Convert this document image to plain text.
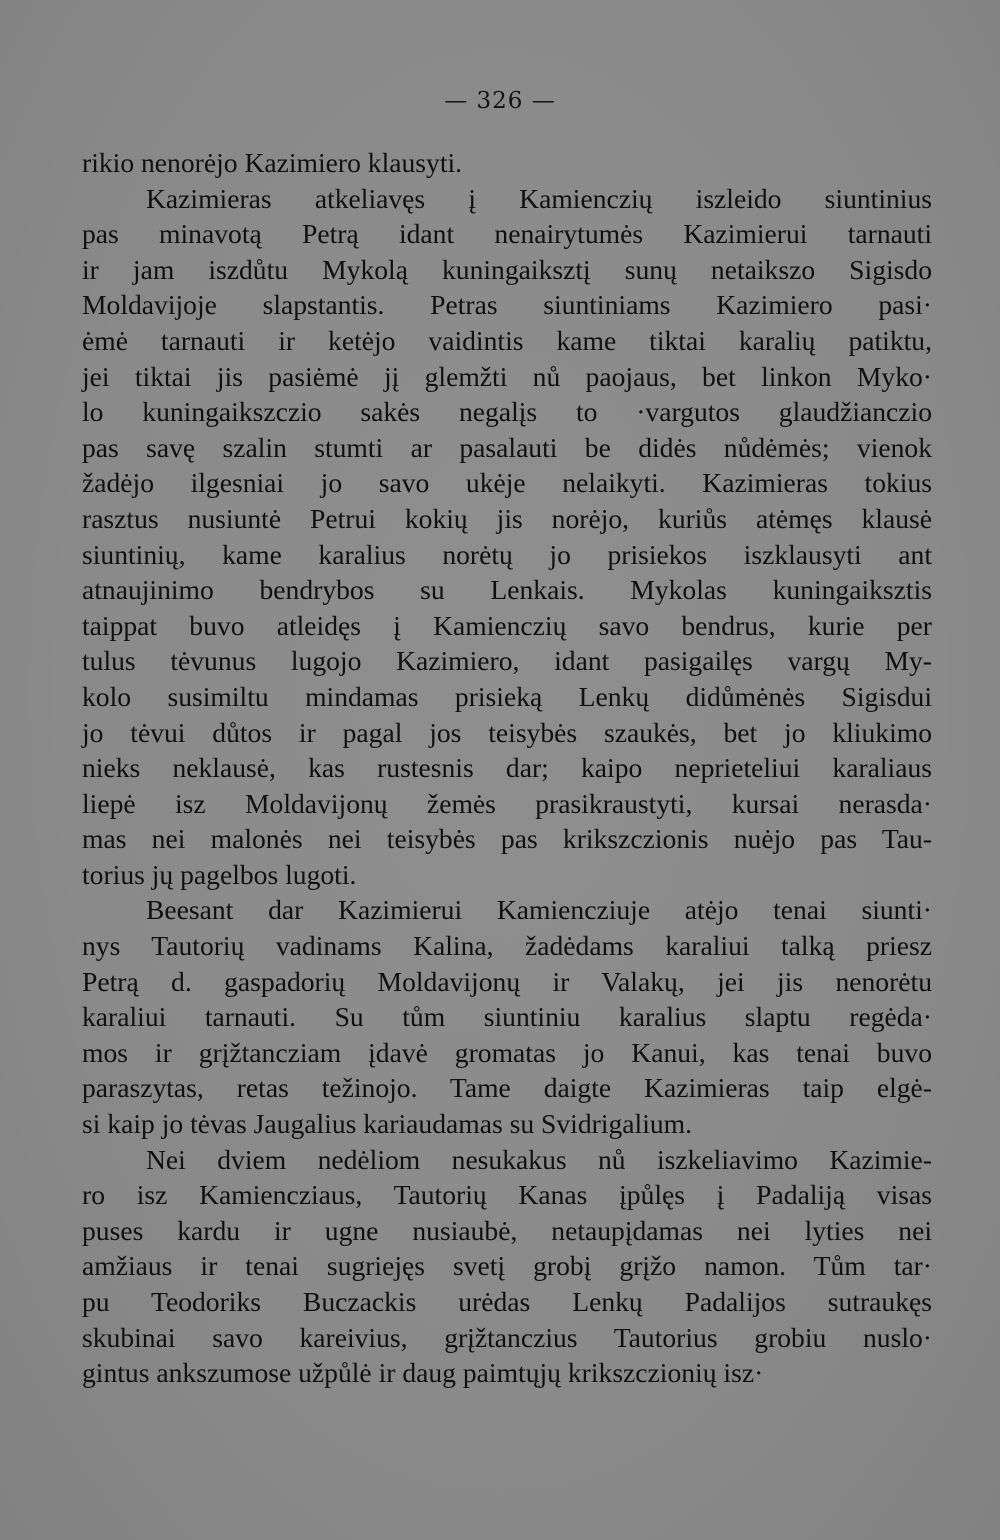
— 326 —
rikio nenorėjo Kazimiero klausyti.
Kazimieras atkeliavęs į Kamienczių iszleido siuntinius
pas minavotą Petrą idant nenairytumės Kazimierui tarnauti
ir jam iszdůtu Mykolą kuningaiksztį sunų netaikszo Sigisdo
Moldavijoje slapstantis. Petras siuntiniams Kazimiero pasi·
ėmė tarnauti ir ketėjo vaidintis kame tiktai karalių patiktu,
jei tiktai jis pasiėmė jį glemžti nů paojaus, bet linkon Myko·
lo kuningaikszczio sakės negalįs to ·vargutos glaudžianczio
pas savę szalin stumti ar pasalauti be didės nůdėmės; vienok
žadėjo ilgesniai jo savo ukėje nelaikyti. Kazimieras tokius
rasztus nusiuntė Petrui kokių jis norėjo, kuriůs atėmęs klausė
siuntinių, kame karalius norėtų jo prisiekos iszklausyti ant
atnaujinimo bendrybos su Lenkais. Mykolas kuningaiksztis
taippat buvo atleidęs į Kamienczių savo bendrus, kurie per
tulus tėvunus lugojo Kazimiero, idant pasigailęs vargų My-
kolo susimiltu mindamas prisieką Lenkų didůmėnės Sigisdui
jo tėvui důtos ir pagal jos teisybės szaukės, bet jo kliukimo
nieks neklausė, kas rustesnis dar; kaipo neprieteliui karaliaus
liepė isz Moldavijonų žemės prasikraustyti, kursai nerasda·
mas nei malonės nei teisybės pas krikszczionis nuėjo pas Tau-
torius jų pagelbos lugoti.
Beesant dar Kazimierui Kamienczіuje atėjo tenai siunti·
nys Tautorių vadinams Kalina, žadėdams karaliui talką priesz
Petrą d. gaspadorių Moldavijonų ir Valakų, jei jis nenorėtu
karaliui tarnauti. Su tům siuntiniu karalius slaptu regėda·
mos ir grįžtancziam įdavė gromatas jo Kanui, kas tenai buvo
paraszytas, retas težinojo. Tame daigte Kazimieras taip elgė-
si kaip jo tėvas Jaugalius kariaudamas su Svidrigalium.
Nei dviem nedėliom nesukakus nů iszkeliavimo Kazimie-
ro isz Kamienczіaus, Tautorių Kanas įpůlęs į Padaliją visas
puses kardu ir ugne nusiaubė, netaupįdamas nei lyties nei
amžiaus ir tenai sugriejęs svetį grobį grįžo namon. Tům tar·
pu Teodoriks Buczackis urėdas Lenkų Padalijos sutraukęs
skubinai savo kareivius, grįžtanczius Tautorius grobiu nuslo·
gintus ankszumose užpůlė ir daug paimtųjų krikszczionių isz·
